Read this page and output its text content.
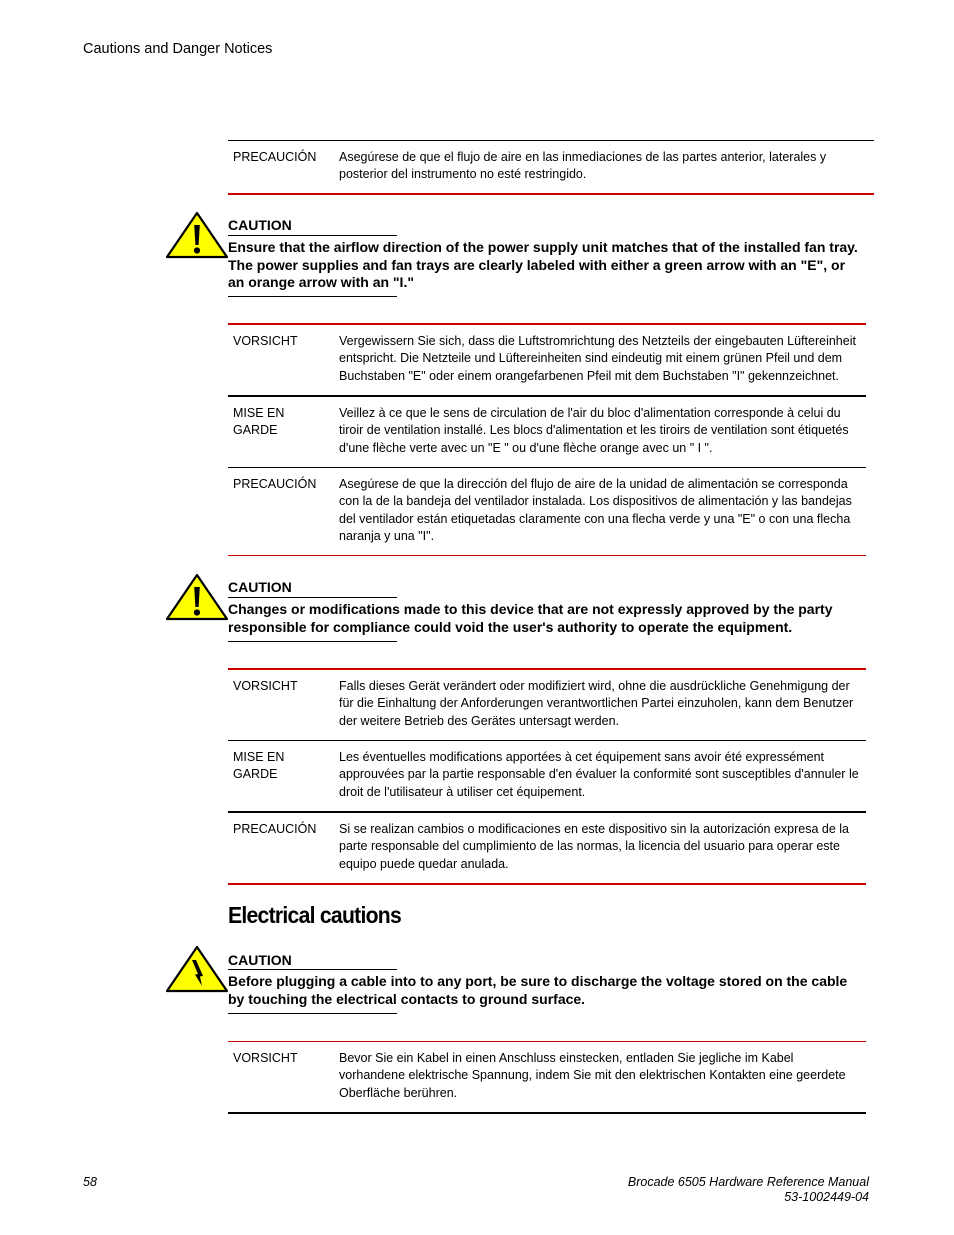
Cautions and Danger Notices
PRECAUCIÓN Asegúrese de que el flujo de aire en las inmediaciones de las partes anterior, laterales y
posterior del instrumento no esté restringido.
CAUTION
Ensure that the airflow direction of the power supply unit matches that of the installed fan tray.
The power supplies and fan trays are clearly labeled with either a green arrow with an "E", or
an orange arrow with an "I."
VORSICHT	Vergewissern Sie sich, dass die Luftstromrichtung des Netzteils der eingebauten Lüftereinheit
entspricht. Die Netzteile und Lüftereinheiten sind eindeutig mit einem grünen Pfeil und dem
Buchstaben "E" oder einem orangefarbenen Pfeil mit dem Buchstaben "I" gekennzeichnet.
MISE EN
GARDE
Veillez à ce que le sens de circulation de l'air du bloc d'alimentation corresponde à celui du
tiroir de ventilation installé. Les blocs d'alimentation et les tiroirs de ventilation sont étiquetés
d'une flèche verte avec un "E " ou d'une flèche orange avec un " I ".
PRECAUCIÓN Asegúrese de que la dirección del flujo de aire de la unidad de alimentación se corresponda
con la de la bandeja del ventilador instalada. Los dispositivos de alimentación y las bandejas
del ventilador están etiquetadas claramente con una flecha verde y una "E" o con una flecha
naranja y una "I".
CAUTION
Changes or modifications made to this device that are not expressly approved by the party
responsible for compliance could void the user's authority to operate the equipment.
VORSICHT	Falls dieses Gerät verändert oder modifiziert wird, ohne die ausdrückliche Genehmigung der
für die Einhaltung der Anforderungen verantwortlichen Partei einzuholen, kann dem Benutzer
der weitere Betrieb des Gerätes untersagt werden.
MISE EN
GARDE
Les éventuelles modifications apportées à cet équipement sans avoir été expressément
approuvées par la partie responsable d'en évaluer la conformité sont susceptibles d'annuler le
droit de l'utilisateur à utiliser cet équipement.
PRECAUCIÓN Si se realizan cambios o modificaciones en este dispositivo sin la autorización expresa de la
parte responsable del cumplimiento de las normas, la licencia del usuario para operar este
equipo puede quedar anulada.
Electrical cautions
CAUTION
Before plugging a cable into to any port, be sure to discharge the voltage stored on the cable
by touching the electrical contacts to ground surface.
VORSICHT	Bevor Sie ein Kabel in einen Anschluss einstecken, entladen Sie jegliche im Kabel
vorhandene elektrische Spannung, indem Sie mit den elektrischen Kontakten eine geerdete
Oberfläche berühren.
58	Brocade 6505 Hardware Reference Manual
53-1002449-04
